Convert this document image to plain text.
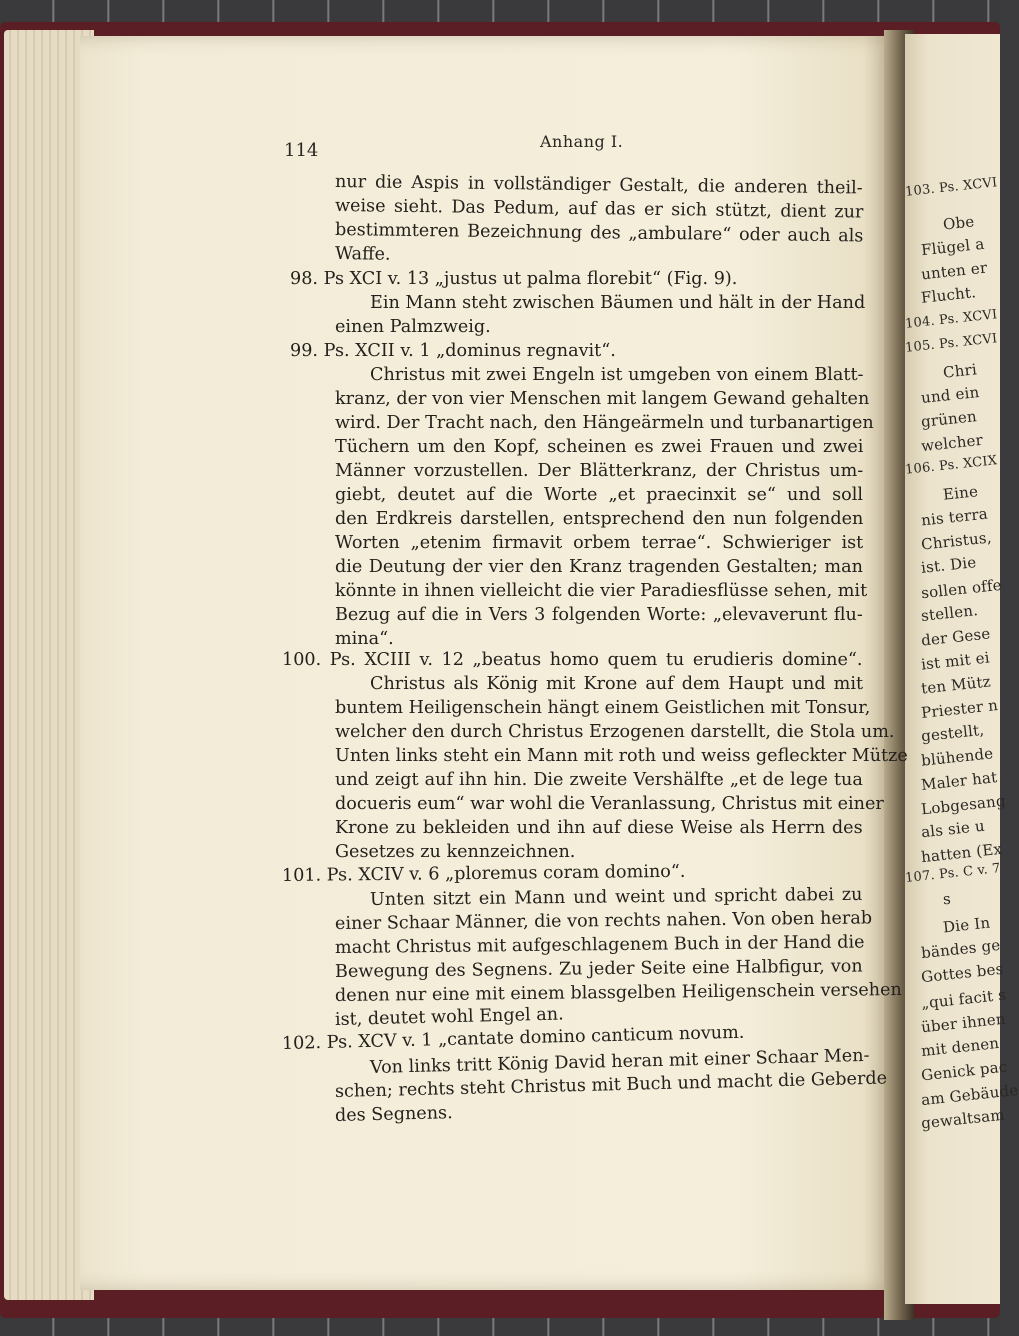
103. Ps. XCVI
Obe
Flügel a
unten er
Flucht.
104. Ps. XCVI
105. Ps. XCVI
Chri
und ein
grünen
welcher
106. Ps. XCIX
Eine
nis terra
Christus,
ist. Die
sollen offe
stellen.
der Gese
ist mit ei
ten Mütz
Priester n
gestellt,
blühende
Maler hat
Lobgesang
als sie u
hatten (Ex
107. Ps. C v. 7
s
Die In
bändes ge
Gottes bes
„qui facit s
über ihnen
mit denen
Genick pac
am Gebäude
gewaltsam
114	Anhang I.
nur die Aspis in vollständiger Gestalt, die anderen theil-
weise sieht. Das Pedum, auf das er sich stützt, dient zur
bestimmteren Bezeichnung des „ambulare“ oder auch als
Waffe.
98. Ps XCI v. 13 „justus ut palma florebit“ (Fig. 9).
Ein Mann steht zwischen Bäumen und hält in der Hand
einen Palmzweig.
99. Ps. XCII v. 1 „dominus regnavit“.
Christus mit zwei Engeln ist umgeben von einem Blatt-
kranz, der von vier Menschen mit langem Gewand gehalten
wird. Der Tracht nach, den Hängeärmeln und turbanartigen
Tüchern um den Kopf, scheinen es zwei Frauen und zwei
Männer vorzustellen. Der Blätterkranz, der Christus um-
giebt, deutet auf die Worte „et praecinxit se“ und soll
den Erdkreis darstellen, entsprechend den nun folgenden
Worten „etenim firmavit orbem terrae“. Schwieriger ist
die Deutung der vier den Kranz tragenden Gestalten; man
könnte in ihnen vielleicht die vier Paradiesflüsse sehen, mit
Bezug auf die in Vers 3 folgenden Worte: „elevaverunt flu-
mina“.
100. Ps. XCIII v. 12 „beatus homo quem tu erudieris domine“.
Christus als König mit Krone auf dem Haupt und mit
buntem Heiligenschein hängt einem Geistlichen mit Tonsur,
welcher den durch Christus Erzogenen darstellt, die Stola um.
Unten links steht ein Mann mit roth und weiss gefleckter Mütze
und zeigt auf ihn hin. Die zweite Vershälfte „et de lege tua
docueris eum“ war wohl die Veranlassung, Christus mit einer
Krone zu bekleiden und ihn auf diese Weise als Herrn des
Gesetzes zu kennzeichnen.
101. Ps. XCIV v. 6 „ploremus coram domino“.
Unten sitzt ein Mann und weint und spricht dabei zu
einer Schaar Männer, die von rechts nahen. Von oben herab
macht Christus mit aufgeschlagenem Buch in der Hand die
Bewegung des Segnens. Zu jeder Seite eine Halbfigur, von
denen nur eine mit einem blassgelben Heiligenschein versehen
ist, deutet wohl Engel an.
102. Ps. XCV v. 1 „cantate domino canticum novum.
Von links tritt König David heran mit einer Schaar Men-
schen; rechts steht Christus mit Buch und macht die Geberde
des Segnens.
